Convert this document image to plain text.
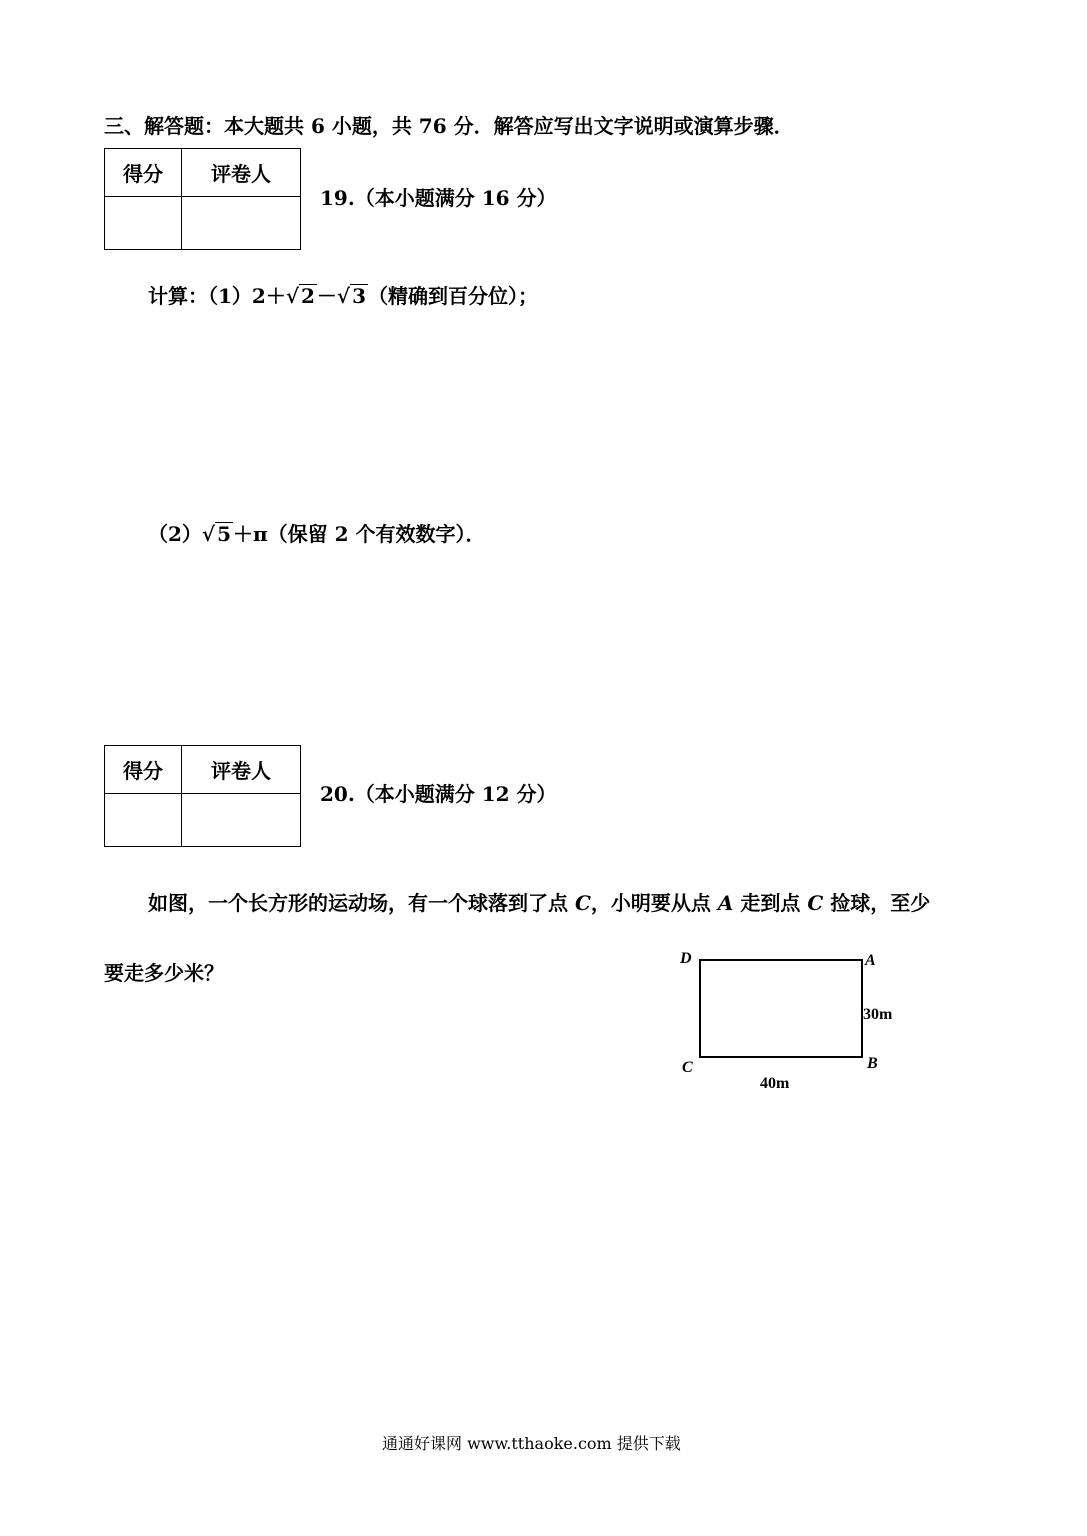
三、解答题：本大题共 6 小题，共 76 分．解答应写出文字说明或演算步骤．
得分	评卷人

19.（本小题满分 16 分）
计算：（1）2＋√ 2 －√ 3 （精确到百分位）；
（2）√ 5 ＋π（保留 2 个有效数字）．
得分	评卷人

20.（本小题满分 12 分）
如图，一个长方形的运动场，有一个球落到了点 C，小明要从点 A 走到点 C 捡球，至少
要走多少米？
D	A
B
C
30m
40m
通通好课网 www.tthaoke.com 提供下载
